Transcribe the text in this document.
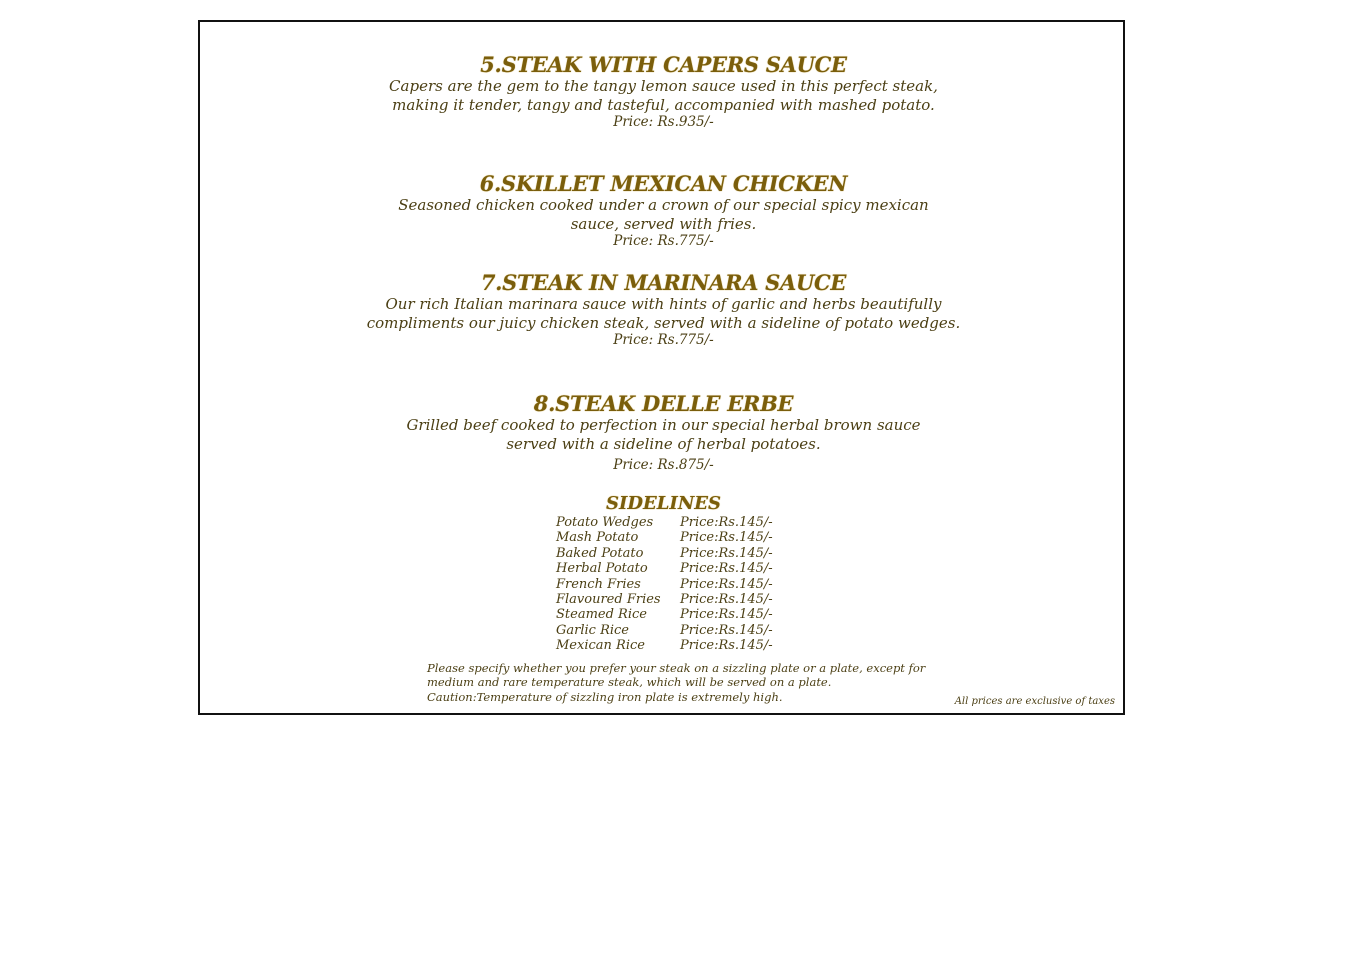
5.STEAK WITH CAPERS SAUCE

Capers are the gem to the tangy lemon sauce used in this perfect steak,
making it tender, tangy and tasteful, accompanied with mashed potato.

Price: Rs.935/-

6.SKILLET MEXICAN CHICKEN

Seasoned chicken cooked under a crown of our special spicy mexican
sauce, served with fries.

Price: Rs.775/-

7.STEAK IN MARINARA SAUCE

Our rich Italian marinara sauce with hints of garlic and herbs beautifully
compliments our juicy chicken steak, served with a sideline of potato wedges.

Price: Rs.775/-

8.STEAK DELLE ERBE

Grilled beef cooked to perfection in our special herbal brown sauce
served with a sideline of herbal potatoes.

Price: Rs.875/-

SIDELINES
Potato Wedges	Price:Rs.145/-
Mash Potato	Price:Rs.145/-
Baked Potato	Price:Rs.145/-
Herbal Potato	Price:Rs.145/-
French Fries	Price:Rs.145/-
Flavoured Fries	Price:Rs.145/-
Steamed Rice	Price:Rs.145/-
Garlic Rice	Price:Rs.145/-
Mexican Rice	Price:Rs.145/-

Please specify whether you prefer your steak on a sizzling plate or a plate, except for

medium and rare temperature steak, which will be served on a plate.

Caution:Temperature of sizzling iron plate is extremely high.	All prices are exclusive of taxes
